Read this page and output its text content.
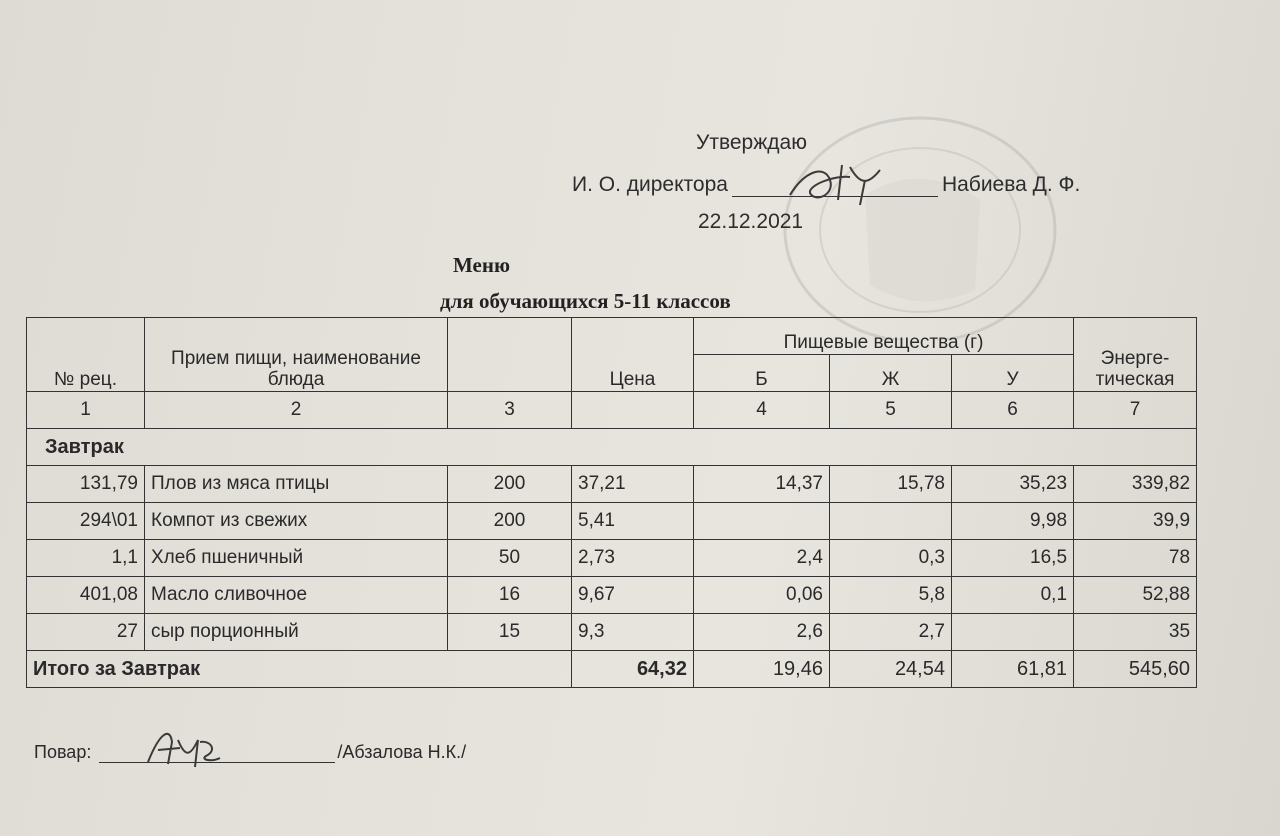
Утверждаю
И. О. директора	Набиева Д. Ф.
22.12.2021
Меню
для обучающихся 5-11 классов
№ рец.	Прием пищи, наименование блюда		Цена	Пищевые вещества (г)			Энерге- тическая
				Б	Ж	У	
1	2	3		4	5	6	7
Завтрак							
131,79	Плов из мяса птицы	200	37,21	14,37	15,78	35,23	339,82
294\01	Компот из свежих	200	5,41			9,98	39,9
1,1	Хлеб пшеничный	50	2,73	2,4	0,3	16,5	78
401,08	Масло сливочное	16	9,67	0,06	5,8	0,1	52,88
27	сыр порционный	15	9,3	2,6	2,7		35
Итого за Завтрак			64,32	19,46	24,54	61,81	545,60
Повар:	/Абзалова Н.К./
